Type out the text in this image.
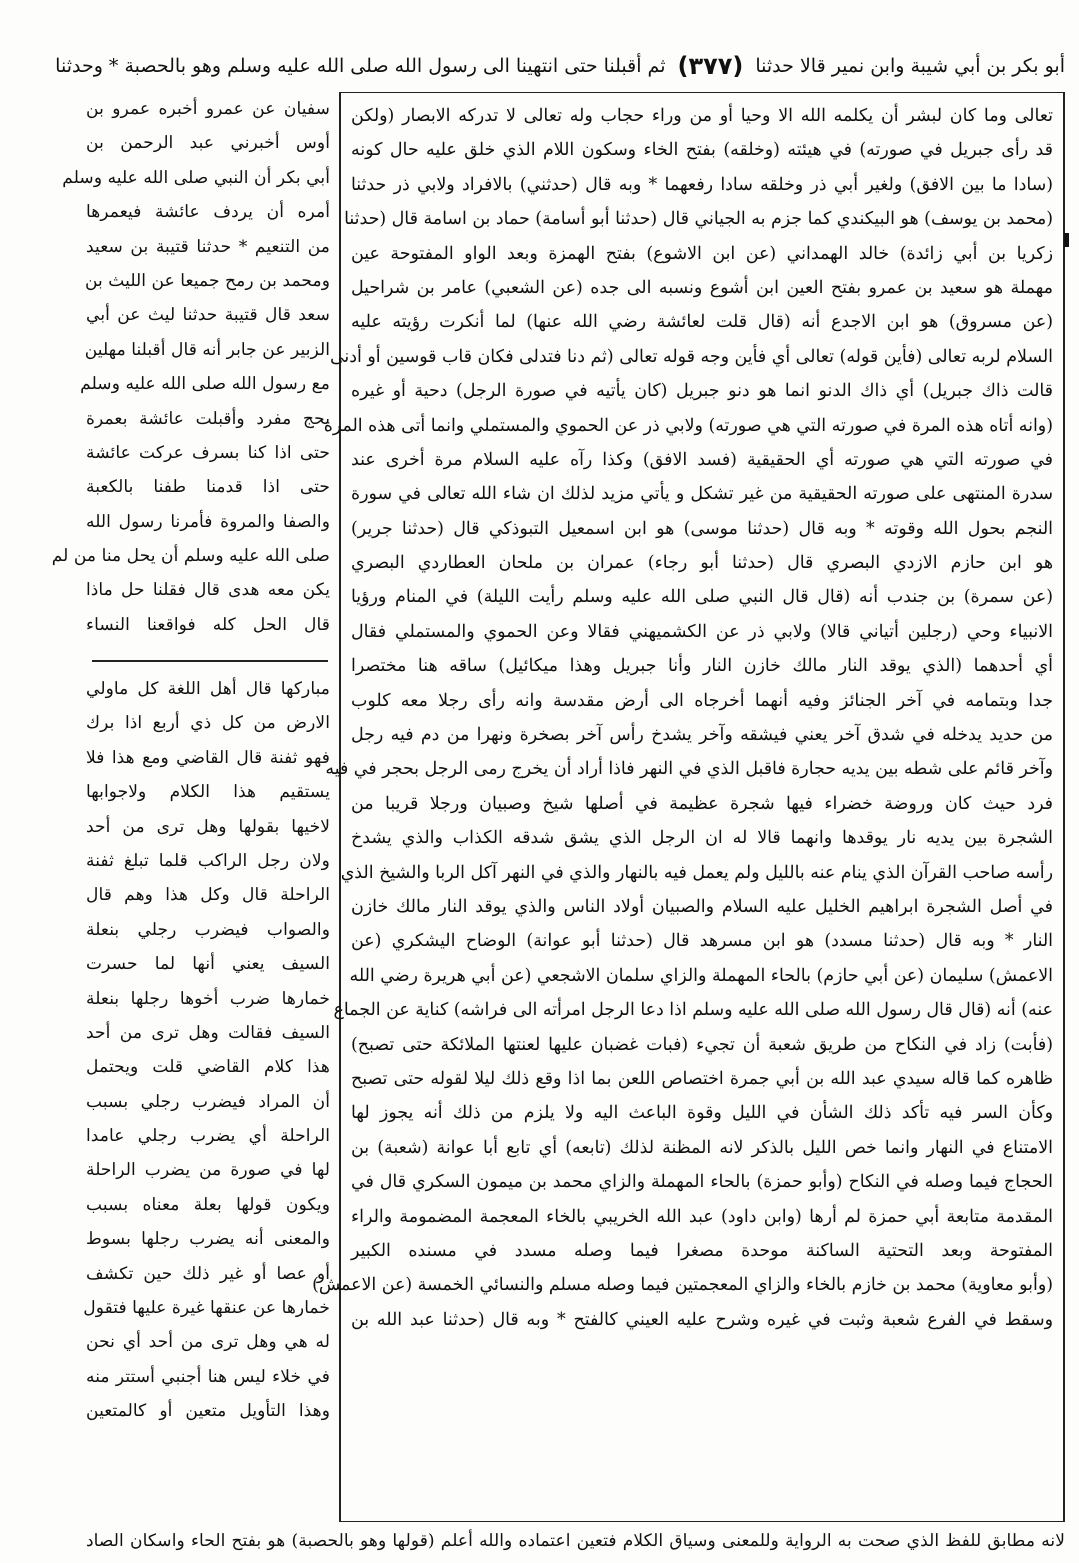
أبو بكر بن أبي شيبة وابن نمير قالا حدثنا
(٣٧٧)
ثم أقبلنا حتى انتهينا الى رسول الله صلى الله عليه وسلم وهو بالحصبة * وحدثنا
تعالى وما كان لبشر أن يكلمه الله الا وحيا أو من وراء حجاب وله تعالى لا تدركه الابصار (ولكن
قد رأى جبريل في صورته) في هيئته (وخلقه) بفتح الخاء وسكون اللام الذي خلق عليه حال كونه
(سادا ما بين الافق) ولغير أبي ذر وخلقه سادا رفعهما * وبه قال (حدثني) بالافراد ولابي ذر حدثنا
(محمد بن يوسف) هو البيكندي كما جزم به الجياني قال (حدثنا أبو أسامة) حماد بن اسامة قال (حدثنا
زكريا بن أبي زائدة) خالد الهمداني (عن ابن الاشوع) بفتح الهمزة وبعد الواو المفتوحة عين
مهملة هو سعيد بن عمرو بفتح العين ابن أشوع ونسبه الى جده (عن الشعبي) عامر بن شراحيل
(عن مسروق) هو ابن الاجدع أنه (قال قلت لعائشة رضي الله عنها) لما أنكرت رؤيته عليه
السلام لربه تعالى (فأين قوله) تعالى أي فأين وجه قوله تعالى (ثم دنا فتدلى فكان قاب قوسين أو أدنى
قالت ذاك جبريل) أي ذاك الدنو انما هو دنو جبريل (كان يأتيه في صورة الرجل) دحية أو غيره
(وانه أتاه هذه المرة في صورته التي هي صورته) ولابي ذر عن الحموي والمستملي وانما أتى هذه المرة
في صورته التي هي صورته أي الحقيقية (فسد الافق) وكذا رآه عليه السلام مرة أخرى عند
سدرة المنتهى على صورته الحقيقية من غير تشكل و يأتي مزيد لذلك ان شاء الله تعالى في سورة
النجم بحول الله وقوته * وبه قال (حدثنا موسى) هو ابن اسمعيل التبوذكي قال (حدثنا جرير)
هو ابن حازم الازدي البصري قال (حدثنا أبو رجاء) عمران بن ملحان العطاردي البصري
(عن سمرة) بن جندب أنه (قال قال النبي صلى الله عليه وسلم رأيت الليلة) في المنام ورؤيا
الانبياء وحي (رجلين أتياني قالا) ولابي ذر عن الكشميهني فقالا وعن الحموي والمستملي فقال
أي أحدهما (الذي يوقد النار مالك خازن النار وأنا جبريل وهذا ميكائيل) ساقه هنا مختصرا
جدا وبتمامه في آخر الجنائز وفيه أنهما أخرجاه الى أرض مقدسة وانه رأى رجلا معه كلوب
من حديد يدخله في شدق آخر يعني فيشقه وآخر يشدخ رأس آخر بصخرة ونهرا من دم فيه رجل
وآخر قائم على شطه بين يديه حجارة فاقبل الذي في النهر فاذا أراد أن يخرج رمى الرجل بحجر في فيه
فرد حيث كان وروضة خضراء فيها شجرة عظيمة في أصلها شيخ وصبيان ورجلا قريبا من
الشجرة بين يديه نار يوقدها وانهما قالا له ان الرجل الذي يشق شدقه الكذاب والذي يشدخ
رأسه صاحب القرآن الذي ينام عنه بالليل ولم يعمل فيه بالنهار والذي في النهر آكل الربا والشيخ الذي
في أصل الشجرة ابراهيم الخليل عليه السلام والصبيان أولاد الناس والذي يوقد النار مالك خازن
النار * وبه قال (حدثنا مسدد) هو ابن مسرهد قال (حدثنا أبو عوانة) الوضاح اليشكري (عن
الاعمش) سليمان (عن أبي حازم) بالحاء المهملة والزاي سلمان الاشجعي (عن أبي هريرة رضي الله
عنه) أنه (قال قال رسول الله صلى الله عليه وسلم اذا دعا الرجل امرأته الى فراشه) كناية عن الجماع
(فأبت) زاد في النكاح من طريق شعبة أن تجيء (فبات غضبان عليها لعنتها الملائكة حتى تصبح)
ظاهره كما قاله سيدي عبد الله بن أبي جمرة اختصاص اللعن بما اذا وقع ذلك ليلا لقوله حتى تصبح
وكأن السر فيه تأكد ذلك الشأن في الليل وقوة الباعث اليه ولا يلزم من ذلك أنه يجوز لها
الامتناع في النهار وانما خص الليل بالذكر لانه المظنة لذلك (تابعه) أي تابع أبا عوانة (شعبة) بن
الحجاج فيما وصله في النكاح (وأبو حمزة) بالحاء المهملة والزاي محمد بن ميمون السكري قال في
المقدمة متابعة أبي حمزة لم أرها (وابن داود) عبد الله الخريبي بالخاء المعجمة المضمومة والراء
المفتوحة وبعد التحتية الساكنة موحدة مصغرا فيما وصله مسدد في مسنده الكبير
(وأبو معاوية) محمد بن خازم بالخاء والزاي المعجمتين فيما وصله مسلم والنسائي الخمسة (عن الاعمش)
وسقط في الفرع شعبة وثبت في غيره وشرح عليه العيني كالفتح * وبه قال (حدثنا عبد الله بن
سفيان عن عمرو أخبره عمرو بن
أوس أخبرني عبد الرحمن بن
أبي بكر أن النبي صلى الله عليه وسلم
أمره أن يردف عائشة فيعمرها
من التنعيم * حدثنا قتيبة بن سعيد
ومحمد بن رمح جميعا عن الليث بن
سعد قال قتيبة حدثنا ليث عن أبي
الزبير عن جابر أنه قال أقبلنا مهلين
مع رسول الله صلى الله عليه وسلم
بحج مفرد وأقبلت عائشة بعمرة
حتى اذا كنا بسرف عركت عائشة
حتى اذا قدمنا طفنا بالكعبة
والصفا والمروة فأمرنا رسول الله
صلى الله عليه وسلم أن يحل منا من لم
يكن معه هدى قال فقلنا حل ماذا
قال الحل كله فواقعنا النساء
مباركها قال أهل اللغة كل ماولي
الارض من كل ذي أربع اذا برك
فهو ثفنة قال القاضي ومع هذا فلا
يستقيم هذا الكلام ولاجوابها
لاخيها بقولها وهل ترى من أحد
ولان رجل الراكب قلما تبلغ ثفنة
الراحلة قال وكل هذا وهم قال
والصواب فيضرب رجلي بنعلة
السيف يعني أنها لما حسرت
خمارها ضرب أخوها رجلها بنعلة
السيف فقالت وهل ترى من أحد
هذا كلام القاضي قلت ويحتمل
أن المراد فيضرب رجلي بسبب
الراحلة أي يضرب رجلي عامدا
لها في صورة من يضرب الراحلة
ويكون قولها بعلة معناه بسبب
والمعنى أنه يضرب رجلها بسوط
أو عصا أو غير ذلك حين تكشف
خمارها عن عنقها غيرة عليها فتقول
له هي وهل ترى من أحد أي نحن
في خلاء ليس هنا أجنبي أستتر منه
وهذا التأويل متعين أو كالمتعين
لانه مطابق للفظ الذي صحت به الرواية وللمعنى وسياق الكلام فتعين اعتماده والله أعلم (قولها وهو بالحصبة) هو بفتح الحاء واسكان الصاد
